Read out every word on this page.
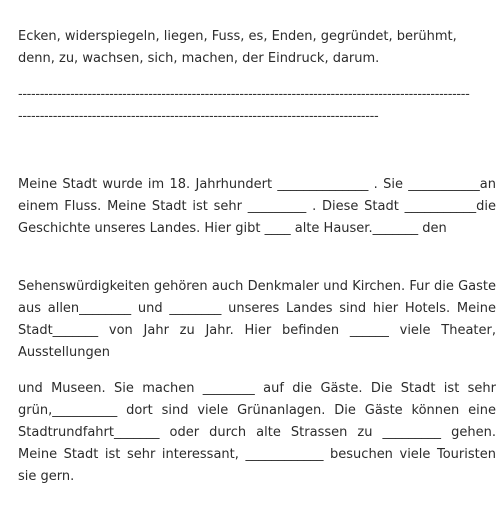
Ecken, widerspiegeln, liegen, Fuss, es, Enden, gegründet, berühmt,
denn, zu, wachsen, sich, machen, der Eindruck, darum.
--------------------------------------------------------------------------------------------------------
-----------------------------------------------------------------------------------
Meine Stadt wurde im 18. Jahrhundert ______________ . Sie ___________an einem Fluss. Meine Stadt ist sehr _________ . Diese Stadt ___________die Geschichte unseres Landes. Hier gibt ____ alte Hauser._______ den
Sehenswürdigkeiten gehören auch Denkmaler und Kirchen. Fur die Gaste aus allen________ und ________ unseres Landes sind hier Hotels. Meine Stadt_______ von Jahr zu Jahr. Hier befinden ______ viele Theater, Ausstellungen
und Museen. Sie machen ________ auf die Gäste. Die Stadt ist sehr grün,__________ dort sind viele Grünanlagen. Die Gäste können eine Stadtrundfahrt_______ oder durch alte Strassen zu _________ gehen. Meine Stadt ist sehr interessant, ____________ besuchen viele Touristen sie gern.
